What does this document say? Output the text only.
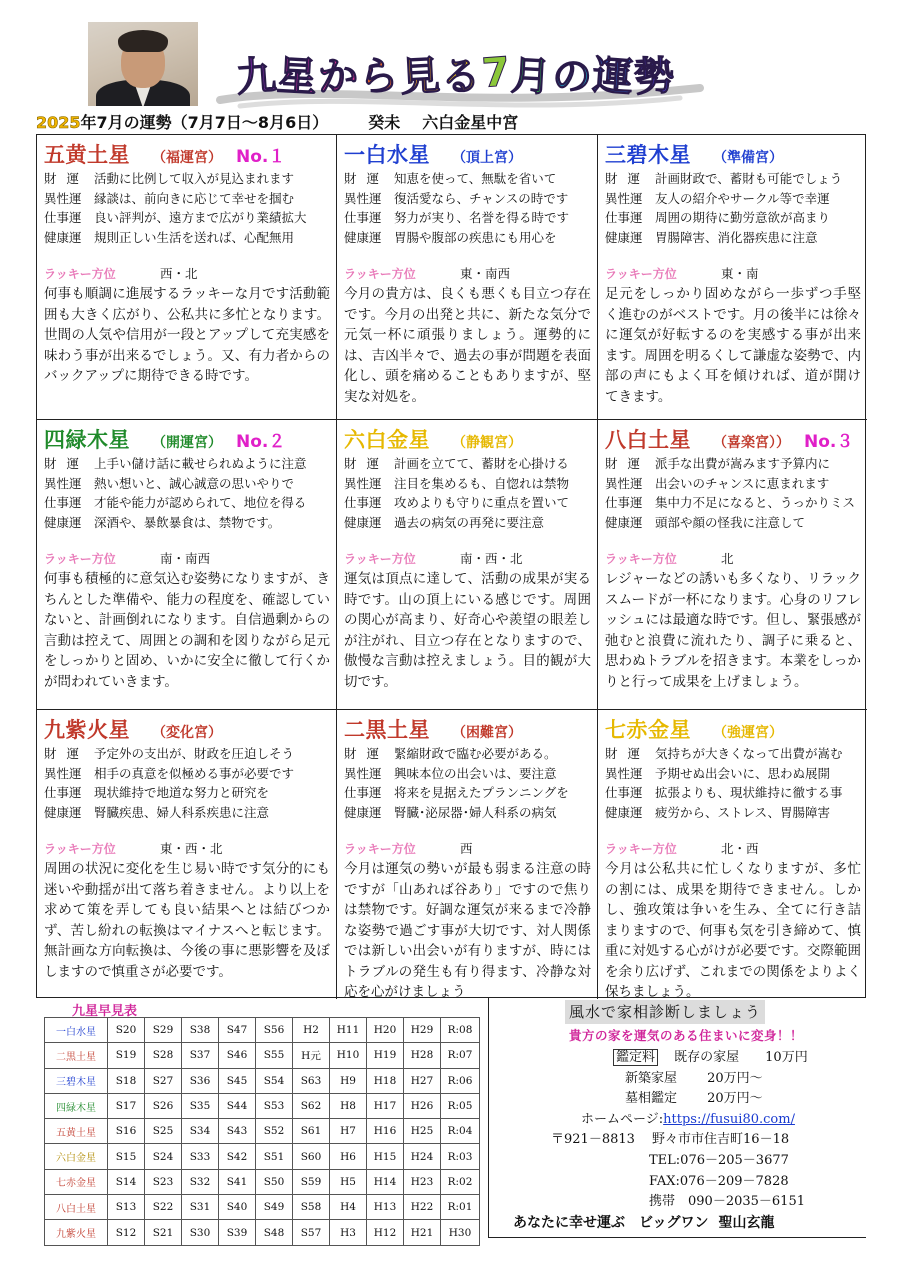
九
星
か
ら
見
る
7
月
の
運
勢
2025年7月の運勢（7月7日～8月6日）	癸未 六白金星中宮
五黄土星 （福運宮） No.１
財運 活動に比例して収入が見込まれます
異性運 縁談は、前向きに応じて幸せを掴む
仕事運 良い評判が、遠方まで広がり業績拡大
健康運 規則正しい生活を送れば、心配無用
ラッキー方位	西・北
何事も順調に進展するラッキーな月です活動範囲も大きく広がり、公私共に多忙となります。世間の人気や信用が一段とアップして充実感を味わう事が出来るでしょう。又、有力者からのバックアップに期待できる時です。
一白水星 （頂上宮）
財運 知恵を使って、無駄を省いて
異性運 復活愛なら、チャンスの時です
仕事運 努力が実り、名誉を得る時です
健康運 胃腸や腹部の疾患にも用心を
ラッキー方位	東・南西
今月の貴方は、良くも悪くも目立つ存在です。今月の出発と共に、新たな気分で元気一杯に頑張りましょう。運勢的には、吉凶半々で、過去の事が問題を表面化し、頭を痛めることもありますが、堅実な対処を。
三碧木星 （準備宮）
財運 計画財政で、蓄財も可能でしょう
異性運 友人の紹介やサークル等で幸運
仕事運 周囲の期待に勤労意欲が高まり
健康運 胃腸障害、消化器疾患に注意
ラッキー方位	東・南
足元をしっかり固めながら一歩ずつ手堅く進むのがベストです。月の後半には徐々に運気が好転するのを実感する事が出来ます。周囲を明るくして謙虚な姿勢で、内部の声にもよく耳を傾ければ、道が開けてきます。
四緑木星 （開運宮） No.２
財運 上手い儲け話に載せられぬように注意
異性運 熱い想いと、誠心誠意の思いやりで
仕事運 才能や能力が認められて、地位を得る
健康運 深酒や、暴飲暴食は、禁物です。
ラッキー方位	南・南西
何事も積極的に意気込む姿勢になりますが、きちんとした準備や、能力の程度を、確認していないと、計画倒れになります。自信過剰からの言動は控えて、周囲との調和を図りながら足元をしっかりと固め、いかに安全に徹して行くかが問われていきます。
六白金星 （静観宮）
財運 計画を立てて、蓄財を心掛ける
異性運 注目を集めるも、自惚れは禁物
仕事運 攻めよりも守りに重点を置いて
健康運 過去の病気の再発に要注意
ラッキー方位	南・西・北
運気は頂点に達して、活動の成果が実る時です。山の頂上にいる感じです。周囲の関心が高まり、好奇心や羨望の眼差しが注がれ、目立つ存在となりますので、傲慢な言動は控えましょう。目的観が大切です。
八白土星 （喜楽宮）） No.３
財運 派手な出費が嵩みます予算内に
異性運 出会いのチャンスに恵まれます
仕事運 集中力不足になると、うっかりミス
健康運 頭部や顔の怪我に注意して
ラッキー方位	北
レジャーなどの誘いも多くなり、リラックスムードが一杯になります。心身のリフレッシュには最適な時です。但し、緊張感が弛むと浪費に流れたり、調子に乗ると、思わぬトラブルを招きます。本業をしっかりと行って成果を上げましょう。
九紫火星 （変化宮）
財運 予定外の支出が、財政を圧迫しそう
異性運 相手の真意を似極める事が必要です
仕事運 現状維持で地道な努力と研究を
健康運 腎臓疾患、婦人科系疾患に注意
ラッキー方位	東・西・北
周囲の状況に変化を生じ易い時です気分的にも迷いや動揺が出て落ち着きません。より以上を求めて策を弄しても良い結果へとは結びつかず、苦し紛れの転換はマイナスへと転じます。無計画な方向転換は、今後の事に悪影響を及ぼしますので慎重さが必要です。
二黒土星 （困難宮）
財運 緊縮財政で臨む必要がある。
異性運 興味本位の出会いは、要注意
仕事運 将来を見据えたプランニングを
健康運 腎臓･泌尿器･婦人科系の病気
ラッキー方位	西
今月は運気の勢いが最も弱まる注意の時ですが「山あれば谷あり」ですので焦りは禁物です。好調な運気が来るまで冷静な姿勢で過ごす事が大切です、対人関係では新しい出会いが有りますが、時にはトラブルの発生も有り得ます、冷静な対応を心がけましょう
七赤金星 （強運宮）
財運 気持ちが大きくなって出費が嵩む
異性運 予期せぬ出会いに、思わぬ展開
仕事運 拡張よりも、現状維持に徹する事
健康運 疲労から、ストレス、胃腸障害
ラッキー方位	北・西
今月は公私共に忙しくなりますが、多忙の割には、成果を期待できません。しかし、強攻策は争いを生み、全てに行き詰まりますので、何事も気を引き締めて、慎重に対処する心がけが必要です。交際範囲を余り広げず、これまでの関係をよりよく保ちましょう。
九星早見表
一白水星	S20	S29	S38	S47	S56	H2	H11	H20	H29	R:08
二黒土星	S19	S28	S37	S46	S55	H元	H10	H19	H28	R:07
三碧木星	S18	S27	S36	S45	S54	S63	H9	H18	H27	R:06
四緑木星	S17	S26	S35	S44	S53	S62	H8	H17	H26	R:05
五黄土星	S16	S25	S34	S43	S52	S61	H7	H16	H25	R:04
六白金星	S15	S24	S33	S42	S51	S60	H6	H15	H24	R:03
七赤金星	S14	S23	S32	S41	S50	S59	H5	H14	H23	R:02
八白土星	S13	S22	S31	S40	S49	S58	H4	H13	H22	R:01
九紫火星	S12	S21	S30	S39	S48	S57	H3	H12	H21	H30
風水で家相診断しましょう
貴方の家を運気のある住まいに変身！！
鑑定料 既存の家屋　　10万円
新築家屋　　 20万円～
墓相鑑定　　 20万円～
ホームページ:https://fusui80.com/
〒921－8813　 野々市市住吉町16－18
TEL:076－205－3677
FAX:076－209－7828
携帯　090－2035－6151
あなたに幸せ運ぶ　ビッグワン 聖山玄龍
